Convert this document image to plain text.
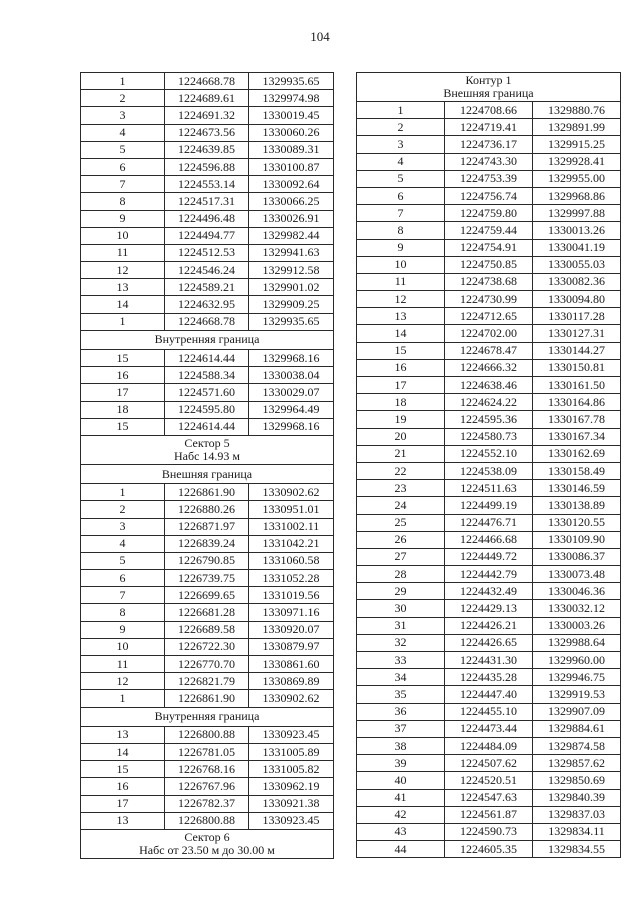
104
1	1224668.78	1329935.65
2	1224689.61	1329974.98
3	1224691.32	1330019.45
4	1224673.56	1330060.26
5	1224639.85	1330089.31
6	1224596.88	1330100.87
7	1224553.14	1330092.64
8	1224517.31	1330066.25
9	1224496.48	1330026.91
10	1224494.77	1329982.44
11	1224512.53	1329941.63
12	1224546.24	1329912.58
13	1224589.21	1329901.02
14	1224632.95	1329909.25
1	1224668.78	1329935.65

Внутренняя граница		

15	1224614.44	1329968.16
16	1224588.34	1330038.04
17	1224571.60	1330029.07
18	1224595.80	1329964.49
15	1224614.44	1329968.16

Сектор 5
Набс 14.93 м		

Внешняя граница		

1	1226861.90	1330902.62
2	1226880.26	1330951.01
3	1226871.97	1331002.11
4	1226839.24	1331042.21
5	1226790.85	1331060.58
6	1226739.75	1331052.28
7	1226699.65	1331019.56
8	1226681.28	1330971.16
9	1226689.58	1330920.07
10	1226722.30	1330879.97
11	1226770.70	1330861.60
12	1226821.79	1330869.89
1	1226861.90	1330902.62

Внутренняя граница		

13	1226800.88	1330923.45
14	1226781.05	1331005.89
15	1226768.16	1331005.82
16	1226767.96	1330962.19
17	1226782.37	1330921.38
13	1226800.88	1330923.45

Сектор 6
Набс от 23.50 м до 30.00 м		
Контур 1
Внешняя граница		

1	1224708.66	1329880.76
2	1224719.41	1329891.99
3	1224736.17	1329915.25
4	1224743.30	1329928.41
5	1224753.39	1329955.00
6	1224756.74	1329968.86
7	1224759.80	1329997.88
8	1224759.44	1330013.26
9	1224754.91	1330041.19
10	1224750.85	1330055.03
11	1224738.68	1330082.36
12	1224730.99	1330094.80
13	1224712.65	1330117.28
14	1224702.00	1330127.31
15	1224678.47	1330144.27
16	1224666.32	1330150.81
17	1224638.46	1330161.50
18	1224624.22	1330164.86
19	1224595.36	1330167.78
20	1224580.73	1330167.34
21	1224552.10	1330162.69
22	1224538.09	1330158.49
23	1224511.63	1330146.59
24	1224499.19	1330138.89
25	1224476.71	1330120.55
26	1224466.68	1330109.90
27	1224449.72	1330086.37
28	1224442.79	1330073.48
29	1224432.49	1330046.36
30	1224429.13	1330032.12
31	1224426.21	1330003.26
32	1224426.65	1329988.64
33	1224431.30	1329960.00
34	1224435.28	1329946.75
35	1224447.40	1329919.53
36	1224455.10	1329907.09
37	1224473.44	1329884.61
38	1224484.09	1329874.58
39	1224507.62	1329857.62
40	1224520.51	1329850.69
41	1224547.63	1329840.39
42	1224561.87	1329837.03
43	1224590.73	1329834.11
44	1224605.35	1329834.55
